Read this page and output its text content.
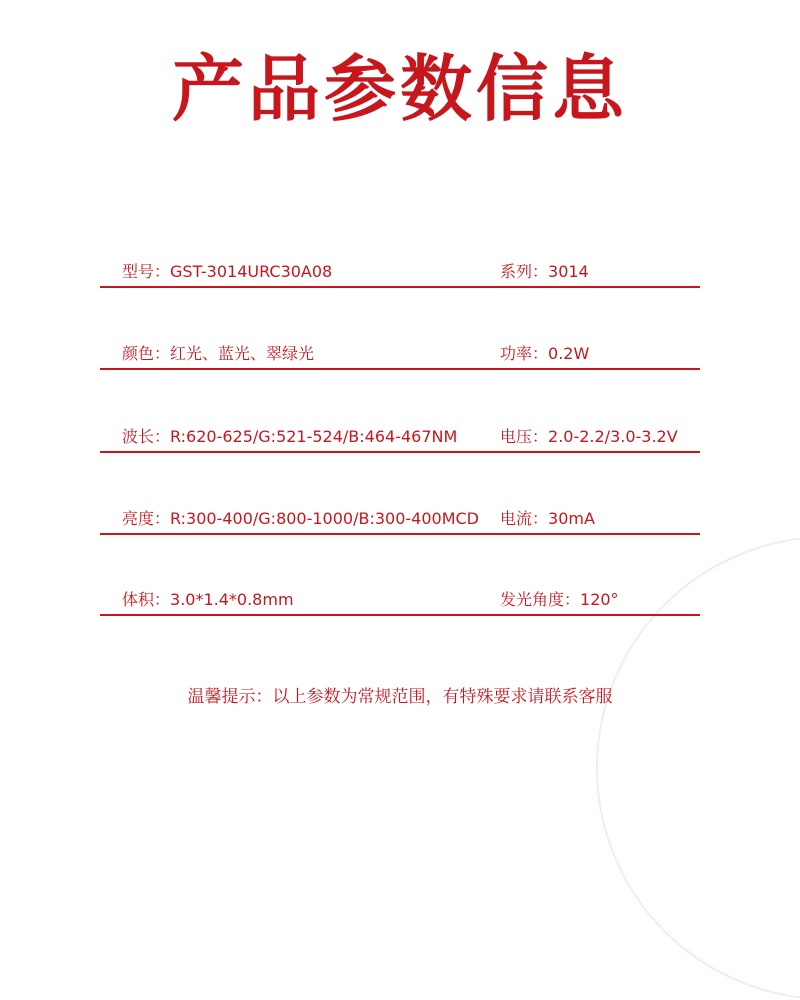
产品参数信息
型号：GST-3014URC30A08	系列：3014
颜色：红光、蓝光、翠绿光	功率：0.2W
波长：R:620-625/G:521-524/B:464-467NM	电压：2.0-2.2/3.0-3.2V
亮度：R:300-400/G:800-1000/B:300-400MCD 电流：30mA
体积：3.0*1.4*0.8mm	发光角度：120°
温馨提示：以上参数为常规范围，有特殊要求请联系客服
